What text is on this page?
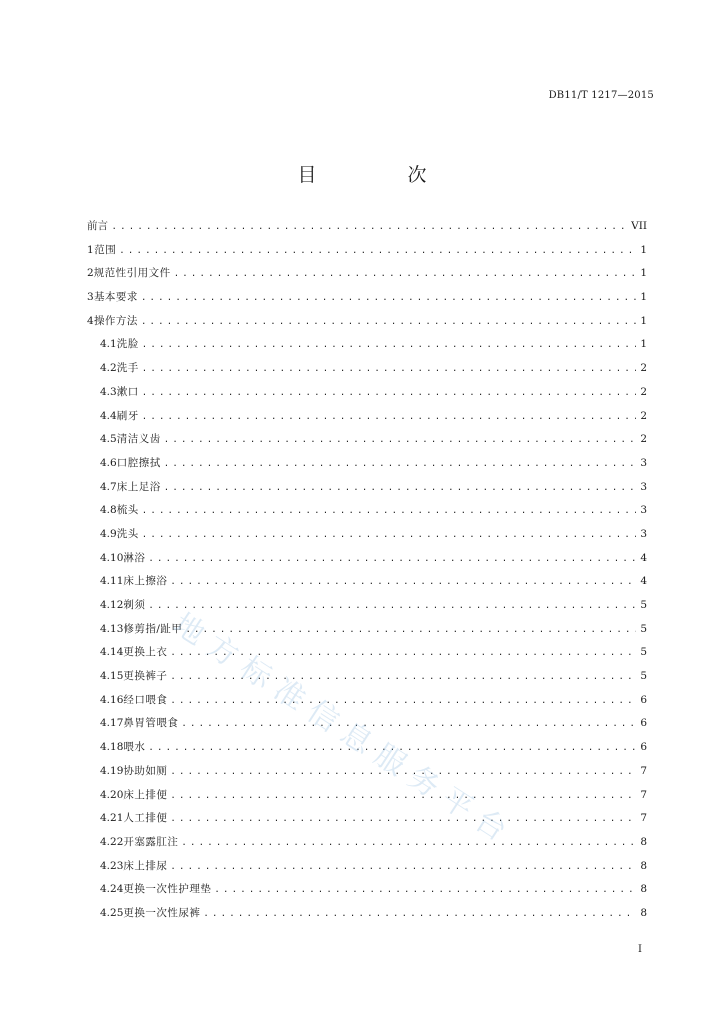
DB11/T 1217—2015
目　次
前 言 .....	VII
1 范围 .....	1
2 规范性引用文件 .....	1
3 基本要求 .....	1
4 操作方法 .....	1
4.1 洗脸 .....	1
4.2 洗手 .....	2
4.3 漱口 .....	2
4.4 刷牙 .....	2
4.5 清洁义齿 .....	2
4.6 口腔擦拭 .....	3
4.7 床上足浴 .....	3
4.8 梳头 .....	3
4.9 洗头 .....	3
4.10 淋浴 .....	4
4.11 床上擦浴 .....	4
4.12 剃须 .....	5
4.13 修剪指/趾甲 .....	5
4.14 更换上衣 .....	5
4.15 更换裤子 .....	5
4.16 经口喂食 .....	6
4.17 鼻胃管喂食 .....	6
4.18 喂水 .....	6
4.19 协助如厕 .....	7
4.20 床上排便 .....	7
4.21 人工排便 .....	7
4.22 开塞露肛注 .....	8
4.23 床上排尿 .....	8
4.24 更换一次性护理垫 .....	8
4.25 更换一次性尿裤 .....	8
地方标准信息服务平台
I
